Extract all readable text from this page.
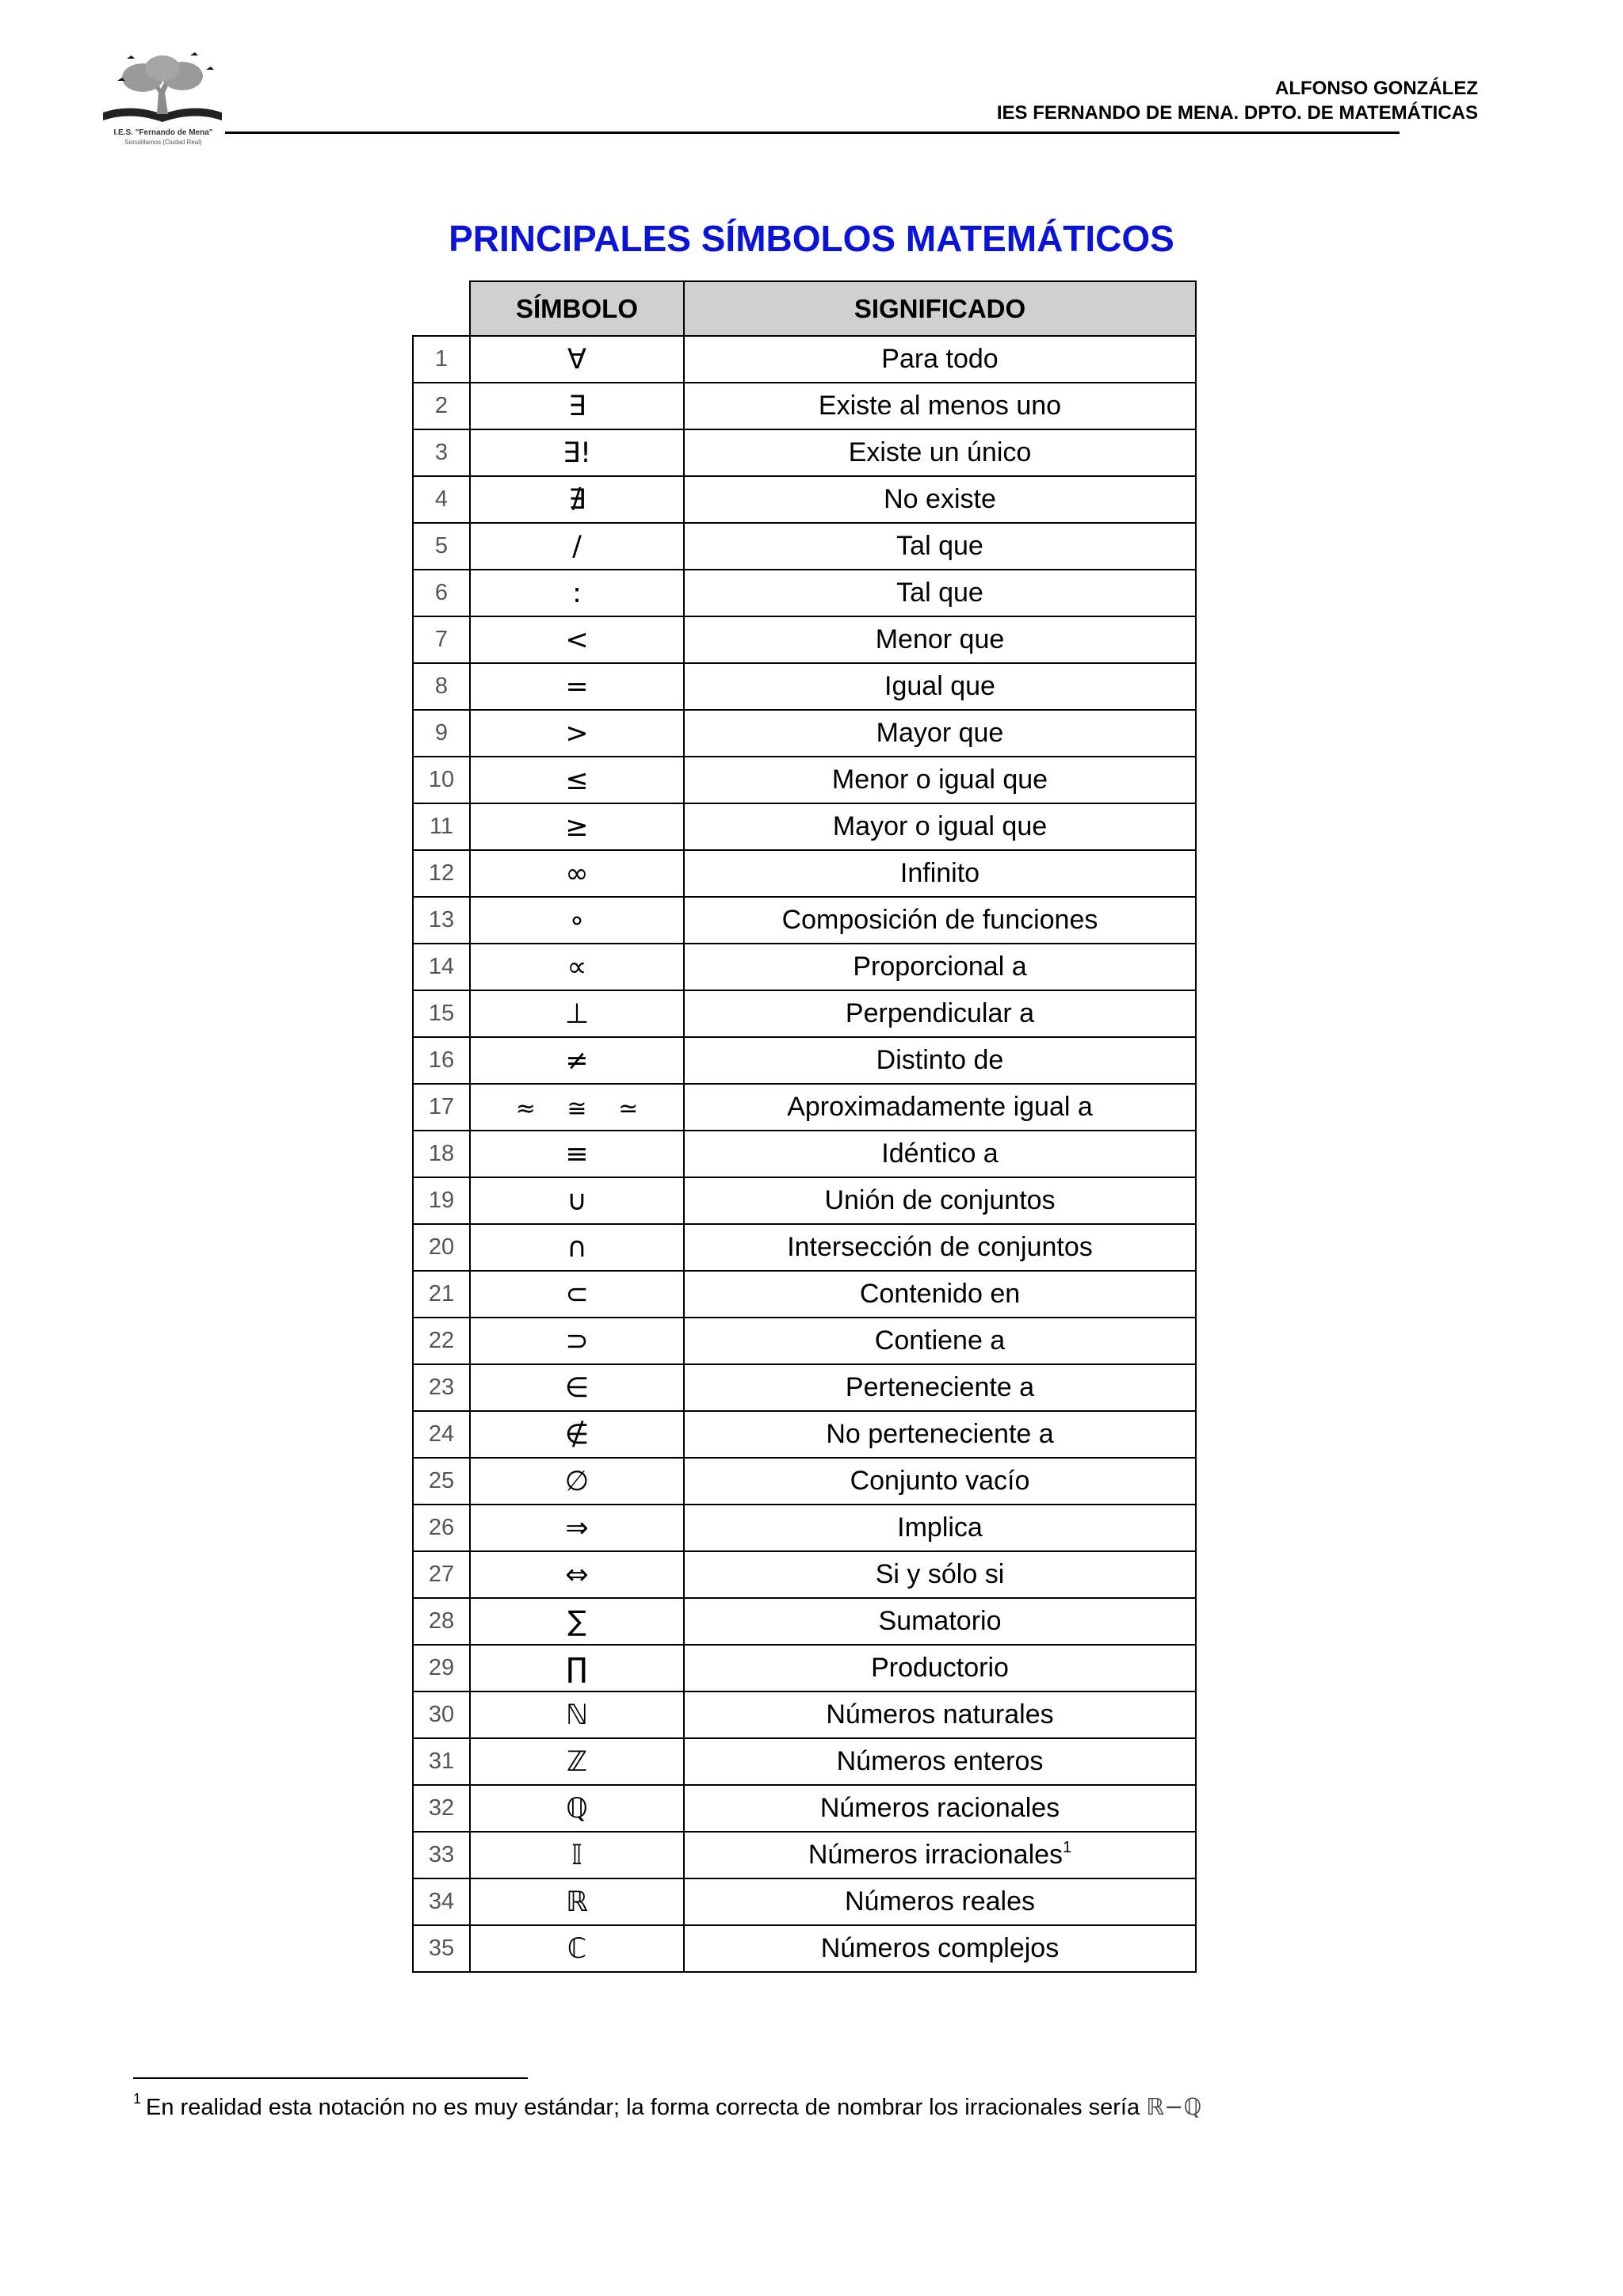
I.E.S. "Fernando de Mena"
Socuéllamos (Ciudad Real)
ALFONSO GONZÁLEZ
IES FERNANDO DE MENA. DPTO. DE MATEMÁTICAS
PRINCIPALES SÍMBOLOS MATEMÁTICOS
	SÍMBOLO	SIGNIFICADO
1	∀	Para todo
2	∃	Existe al menos uno
3	∃!	Existe un único
4	∄	No existe
5	/	Tal que
6	:	Tal que
7	<	Menor que
8	=	Igual que
9	>	Mayor que
10	≤	Menor o igual que
11	≥	Mayor o igual que
12	∞	Infinito
13	∘	Composición de funciones
14	∝	Proporcional a
15	⊥	Perpendicular a
16	≠	Distinto de
17	≈ ≅ ≃	Aproximadamente igual a
18	≡	Idéntico a
19	∪	Unión de conjuntos
20	∩	Intersección de conjuntos
21	⊂	Contenido en
22	⊃	Contiene a
23	∈	Perteneciente a
24	∉	No perteneciente a
25	∅	Conjunto vacío
26	⇒	Implica
27	⇔	Si y sólo si
28	∑	Sumatorio
29	∏	Productorio
30	ℕ	Números naturales
31	ℤ	Números enteros
32	ℚ	Números racionales
33	𝕀	Números irracionales$^1$
34	ℝ	Números reales
35	ℂ	Números complejos
$^1$ En realidad esta notación no es muy estándar; la forma correcta de nombrar los irracionales sería ℝ−ℚ
